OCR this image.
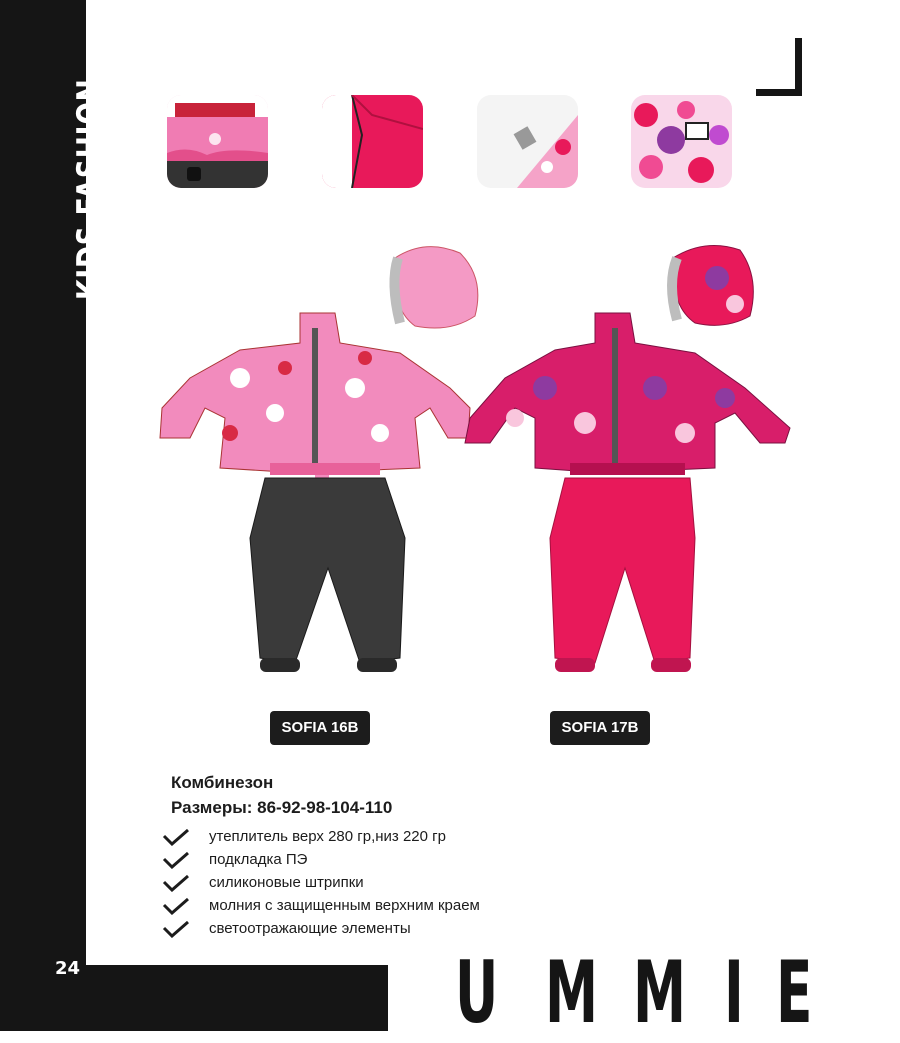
KIDS FASHION
SOFIA 16B	SOFIA 17B
Комбинезон
Размеры: 86-92-98-104-110
утеплитель верх 280 гр,низ 220 гр
подкладка ПЭ
силиконовые штрипки
молния с защищенным верхним краем
светоотражающие элементы
24	U M M I E
